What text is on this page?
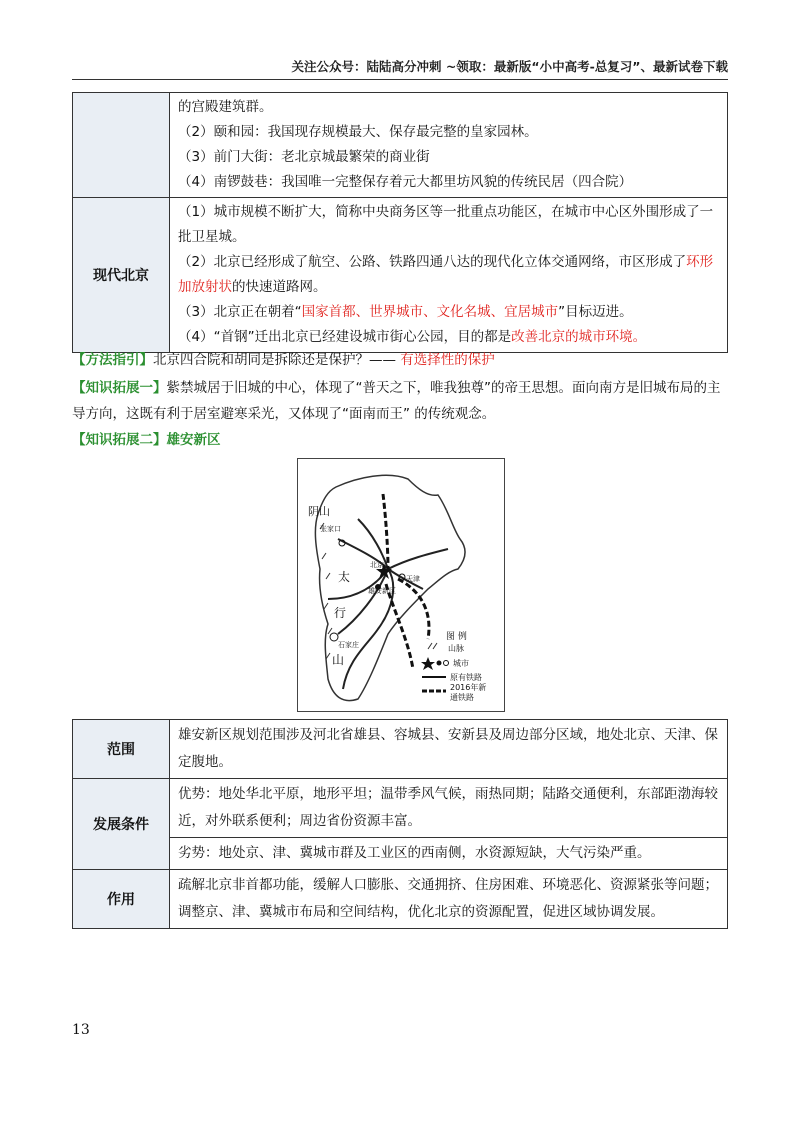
关注公众号：陆陆高分冲刺 ~领取：最新版“小中高考-总复习”、最新试卷下载

	的宫殿建筑群。
（2）颐和园：我国现存规模最大、保存最完整的皇家园林。
（3）前门大街：老北京城最繁荣的商业街
（4）南锣鼓巷：我国唯一完整保存着元大都里坊风貌的传统民居（四合院）

现代北京	（1）城市规模不断扩大，简称中央商务区等一批重点功能区，在城市中心区外围形成了一批卫星城。
（2）北京已经形成了航空、公路、铁路四通八达的现代化立体交通网络，市区形成了环形加放射状的快速道路网。
（3）北京正在朝着“国家首都、世界城市、文化名城、宜居城市”目标迈进。
（4）“首钢”迁出北京已经建设城市街心公园，目的都是改善北京的城市环境。
【方法指引】北京四合院和胡同是拆除还是保护？—— 有选择性的保护
【知识拓展一】紫禁城居于旧城的中心，体现了“普天之下，唯我独尊”的帝王思想。面向南方是旧城布局的主导方向，这既有利于居室避寒采光，又体现了“面南而王” 的传统观念。
【知识拓展二】雄安新区
阴山
张家口
北京
天津
雄安新区
石家庄
太
行
山
图 例
山脉
城市
原有铁路
2016年新
通铁路
范围	雄安新区规划范围涉及河北省雄县、容城县、安新县及周边部分区域，地处北京、天津、保定腹地。
发展条件	优势：地处华北平原，地形平坦；温带季风气候，雨热同期；陆路交通便利，东部距渤海较近，对外联系便利；周边省份资源丰富。
	劣势：地处京、津、冀城市群及工业区的西南侧，水资源短缺，大气污染严重。
作用	疏解北京非首都功能，缓解人口膨胀、交通拥挤、住房困难、环境恶化、资源紧张等问题；调整京、津、冀城市布局和空间结构，优化北京的资源配置，促进区域协调发展。
13
